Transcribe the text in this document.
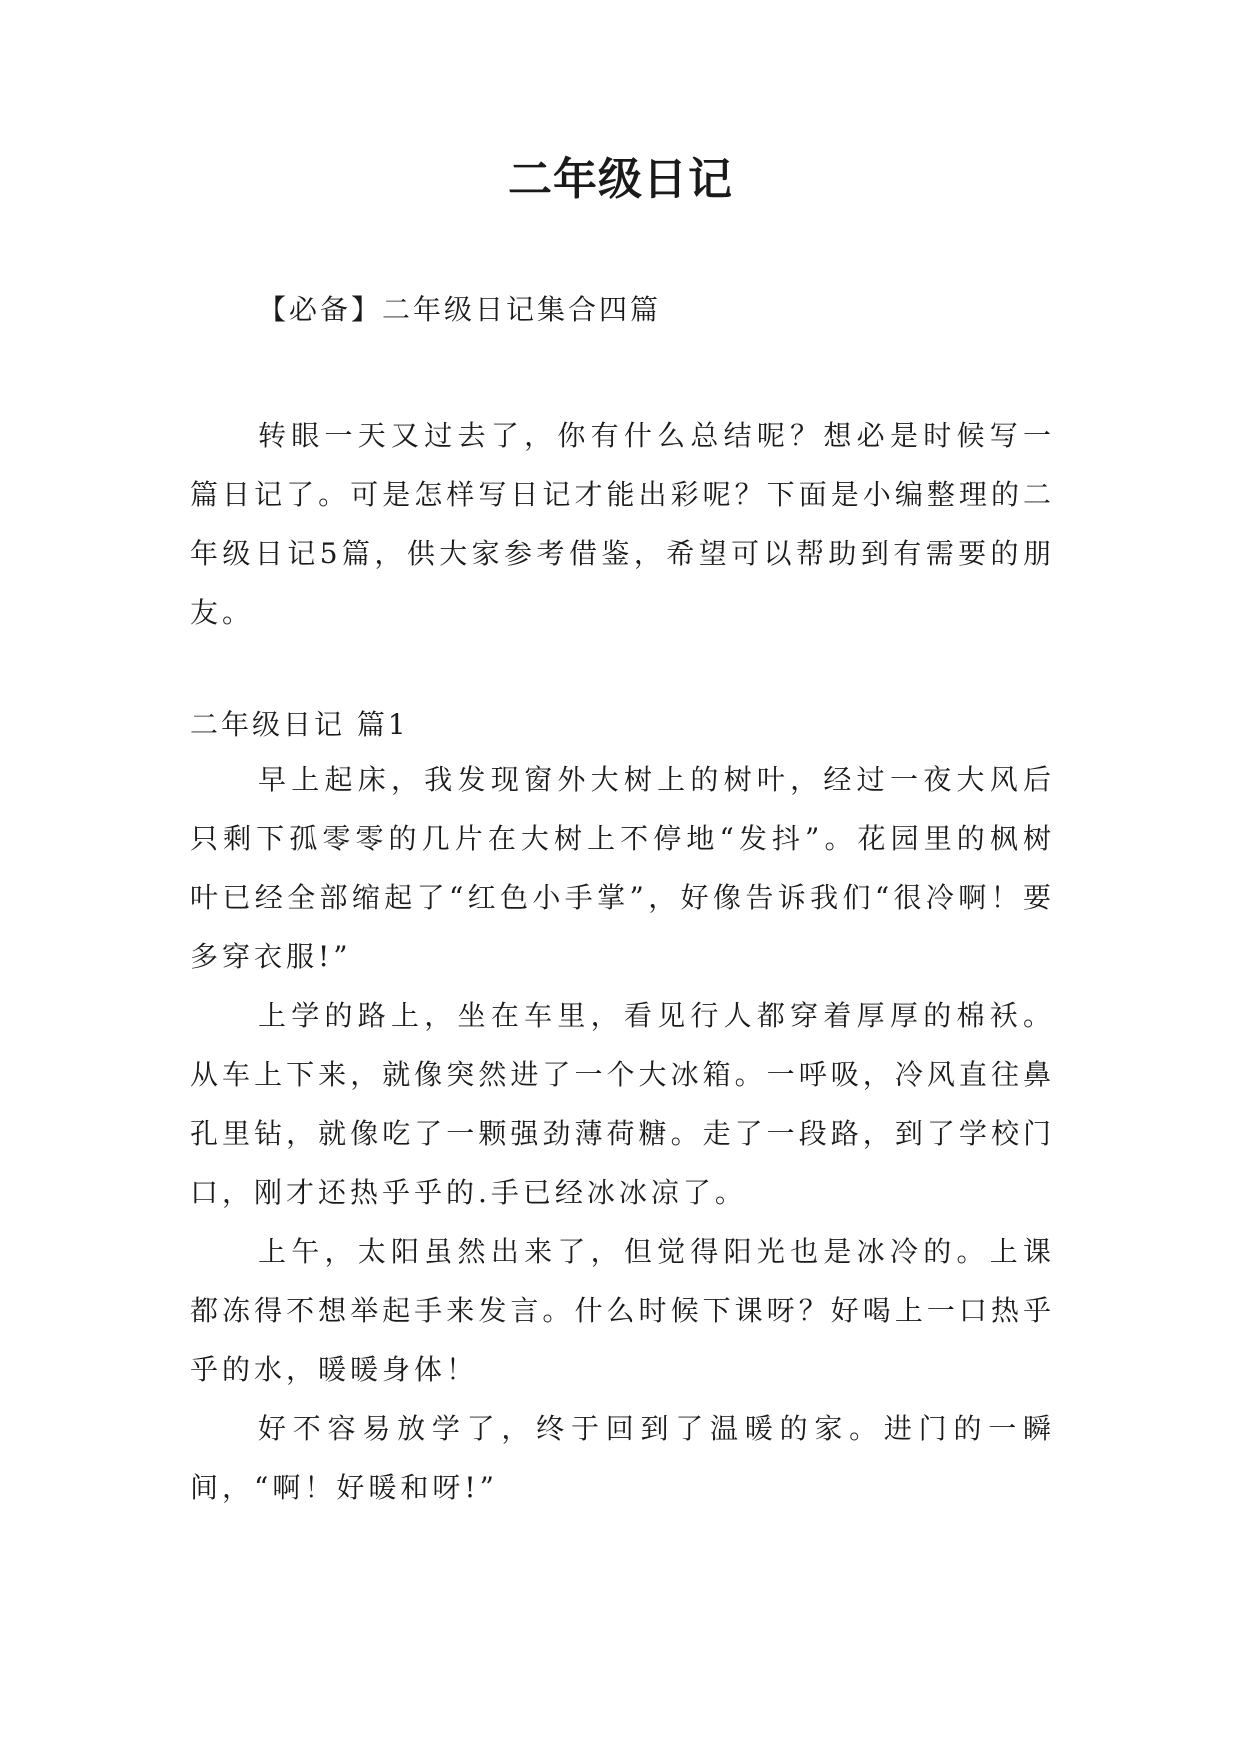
二年级日记

【必备】二年级日记集合四篇

转眼一天又过去了，你有什么总结呢？想必是时候写一篇日记了。可是怎样写日记才能出彩呢？下面是小编整理的二年级日记5篇，供大家参考借鉴，希望可以帮助到有需要的朋友。

二年级日记 篇1

早上起床，我发现窗外大树上的树叶，经过一夜大风后只剩下孤零零的几片在大树上不停地“发抖”。花园里的枫树叶已经全部缩起了“红色小手掌”，好像告诉我们“很冷啊！要多穿衣服!”

上学的路上，坐在车里，看见行人都穿着厚厚的棉袄。从车上下来，就像突然进了一个大冰箱。一呼吸，冷风直往鼻孔里钻，就像吃了一颗强劲薄荷糖。走了一段路，到了学校门口，刚才还热乎乎的.手已经冰冰凉了。

上午，太阳虽然出来了，但觉得阳光也是冰冷的。上课都冻得不想举起手来发言。什么时候下课呀？好喝上一口热乎乎的水，暖暖身体！

好不容易放学了，终于回到了温暖的家。进门的一瞬间，“啊！好暖和呀!”
